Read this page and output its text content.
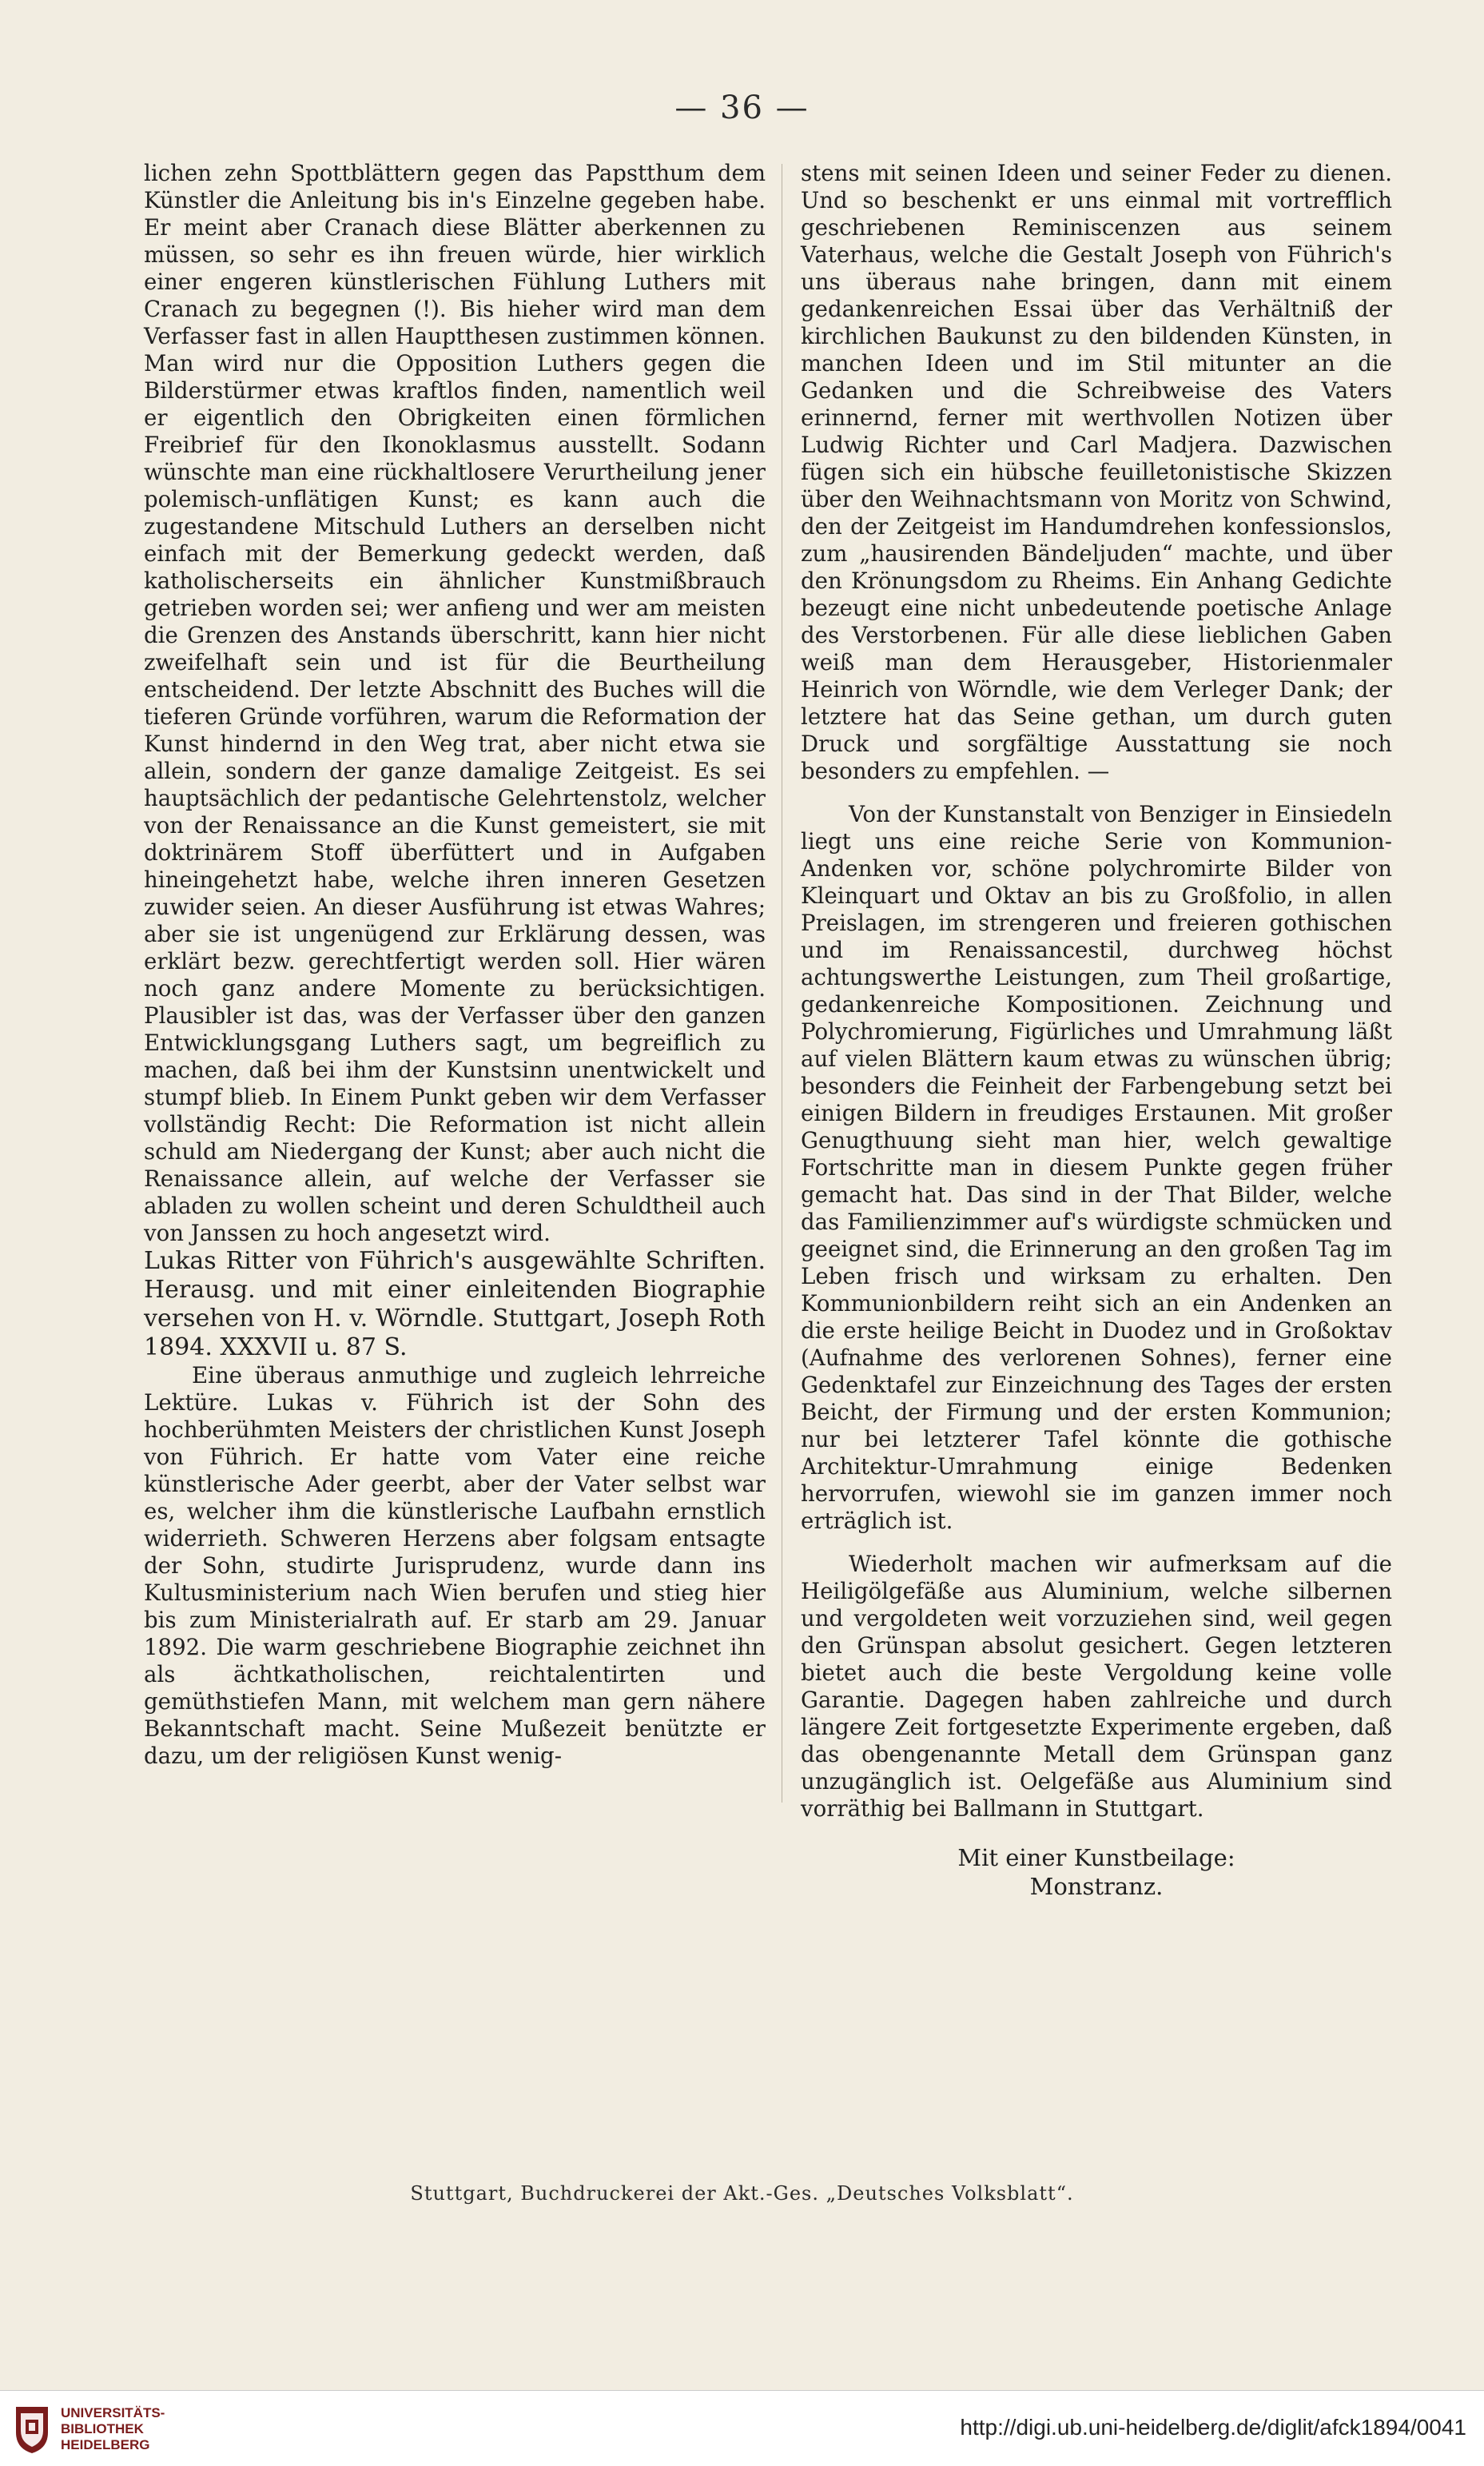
— 36 —

lichen zehn Spottblättern gegen das Papstthum dem Künstler die Anleitung bis in's Einzelne gegeben habe. Er meint aber Cranach diese Blätter aberkennen zu müssen, so sehr es ihn freuen würde, hier wirklich einer engeren künstlerischen Fühlung Luthers mit Cranach zu begegnen (!). Bis hieher wird man dem Verfasser fast in allen Hauptthesen zustimmen können. Man wird nur die Opposition Luthers gegen die Bilderstürmer etwas kraftlos finden, namentlich weil er eigentlich den Obrigkeiten einen förmlichen Freibrief für den Ikonoklasmus ausstellt. Sodann wünschte man eine rückhaltlosere Verurtheilung jener polemisch-unflätigen Kunst; es kann auch die zugestandene Mitschuld Luthers an derselben nicht einfach mit der Bemerkung gedeckt werden, daß katholischerseits ein ähnlicher Kunstmißbrauch getrieben worden sei; wer anfieng und wer am meisten die Grenzen des Anstands überschritt, kann hier nicht zweifelhaft sein und ist für die Beurtheilung entscheidend. Der letzte Abschnitt des Buches will die tieferen Gründe vorführen, warum die Reformation der Kunst hindernd in den Weg trat, aber nicht etwa sie allein, sondern der ganze damalige Zeitgeist. Es sei hauptsächlich der pedantische Gelehrtenstolz, welcher von der Renaissance an die Kunst gemeistert, sie mit doktrinärem Stoff überfüttert und in Aufgaben hineingehetzt habe, welche ihren inneren Gesetzen zuwider seien. An dieser Ausführung ist etwas Wahres; aber sie ist ungenügend zur Erklärung dessen, was erklärt bezw. gerechtfertigt werden soll. Hier wären noch ganz andere Momente zu berücksichtigen. Plausibler ist das, was der Verfasser über den ganzen Entwicklungsgang Luthers sagt, um begreiflich zu machen, daß bei ihm der Kunstsinn unentwickelt und stumpf blieb. In Einem Punkt geben wir dem Verfasser vollständig Recht: Die Reformation ist nicht allein schuld am Niedergang der Kunst; aber auch nicht die Renaissance allein, auf welche der Verfasser sie abladen zu wollen scheint und deren Schuldtheil auch von Janssen zu hoch angesetzt wird.

Lukas Ritter von Führich's ausgewählte Schriften. Herausg. und mit einer einleitenden Biographie versehen von H. v. Wörndle. Stuttgart, Joseph Roth 1894. XXXVII u. 87 S.

Eine überaus anmuthige und zugleich lehrreiche Lektüre. Lukas v. Führich ist der Sohn des hochberühmten Meisters der christlichen Kunst Joseph von Führich. Er hatte vom Vater eine reiche künstlerische Ader geerbt, aber der Vater selbst war es, welcher ihm die künstlerische Laufbahn ernstlich widerrieth. Schweren Herzens aber folgsam entsagte der Sohn, studirte Jurisprudenz, wurde dann ins Kultusministerium nach Wien berufen und stieg hier bis zum Ministerialrath auf. Er starb am 29. Januar 1892. Die warm geschriebene Biographie zeichnet ihn als ächtkatholischen, reichtalentirten und gemüthstiefen Mann, mit welchem man gern nähere Bekanntschaft macht. Seine Mußezeit benützte er dazu, um der religiösen Kunst wenig-

stens mit seinen Ideen und seiner Feder zu dienen. Und so beschenkt er uns einmal mit vortrefflich geschriebenen Reminiscenzen aus seinem Vaterhaus, welche die Gestalt Joseph von Führich's uns überaus nahe bringen, dann mit einem gedankenreichen Essai über das Verhältniß der kirchlichen Baukunst zu den bildenden Künsten, in manchen Ideen und im Stil mitunter an die Gedanken und die Schreibweise des Vaters erinnernd, ferner mit werthvollen Notizen über Ludwig Richter und Carl Madjera. Dazwischen fügen sich ein hübsche feuilletonistische Skizzen über den Weihnachtsmann von Moritz von Schwind, den der Zeitgeist im Handumdrehen konfessionslos, zum „hausirenden Bändeljuden“ machte, und über den Krönungsdom zu Rheims. Ein Anhang Gedichte bezeugt eine nicht unbedeutende poetische Anlage des Verstorbenen. Für alle diese lieblichen Gaben weiß man dem Herausgeber, Historienmaler Heinrich von Wörndle, wie dem Verleger Dank; der letztere hat das Seine gethan, um durch guten Druck und sorgfältige Ausstattung sie noch besonders zu empfehlen. —

Von der Kunstanstalt von Benziger in Einsiedeln liegt uns eine reiche Serie von Kommunion-Andenken vor, schöne polychromirte Bilder von Kleinquart und Oktav an bis zu Großfolio, in allen Preislagen, im strengeren und freieren gothischen und im Renaissancestil, durchweg höchst achtungswerthe Leistungen, zum Theil großartige, gedankenreiche Kompositionen. Zeichnung und Polychromierung, Figürliches und Umrahmung läßt auf vielen Blättern kaum etwas zu wünschen übrig; besonders die Feinheit der Farbengebung setzt bei einigen Bildern in freudiges Erstaunen. Mit großer Genugthuung sieht man hier, welch gewaltige Fortschritte man in diesem Punkte gegen früher gemacht hat. Das sind in der That Bilder, welche das Familienzimmer auf's würdigste schmücken und geeignet sind, die Erinnerung an den großen Tag im Leben frisch und wirksam zu erhalten. Den Kommunionbildern reiht sich an ein Andenken an die erste heilige Beicht in Duodez und in Großoktav (Aufnahme des verlorenen Sohnes), ferner eine Gedenktafel zur Einzeichnung des Tages der ersten Beicht, der Firmung und der ersten Kommunion; nur bei letzterer Tafel könnte die gothische Architektur-Umrahmung einige Bedenken hervorrufen, wiewohl sie im ganzen immer noch erträglich ist.

Wiederholt machen wir aufmerksam auf die Heiligölgefäße aus Aluminium, welche silbernen und vergoldeten weit vorzuziehen sind, weil gegen den Grünspan absolut gesichert. Gegen letzteren bietet auch die beste Vergoldung keine volle Garantie. Dagegen haben zahlreiche und durch längere Zeit fortgesetzte Experimente ergeben, daß das obengenannte Metall dem Grünspan ganz unzugänglich ist. Oelgefäße aus Aluminium sind vorräthig bei Ballmann in Stuttgart.

Mit einer Kunstbeilage:
Monstranz.
Stuttgart, Buchdruckerei der Akt.-Ges. „Deutsches Volksblatt“.
UNIVERSITÄTS-
BIBLIOTHEK
HEIDELBERG
http://digi.ub.uni-heidelberg.de/diglit/afck1894/0041
